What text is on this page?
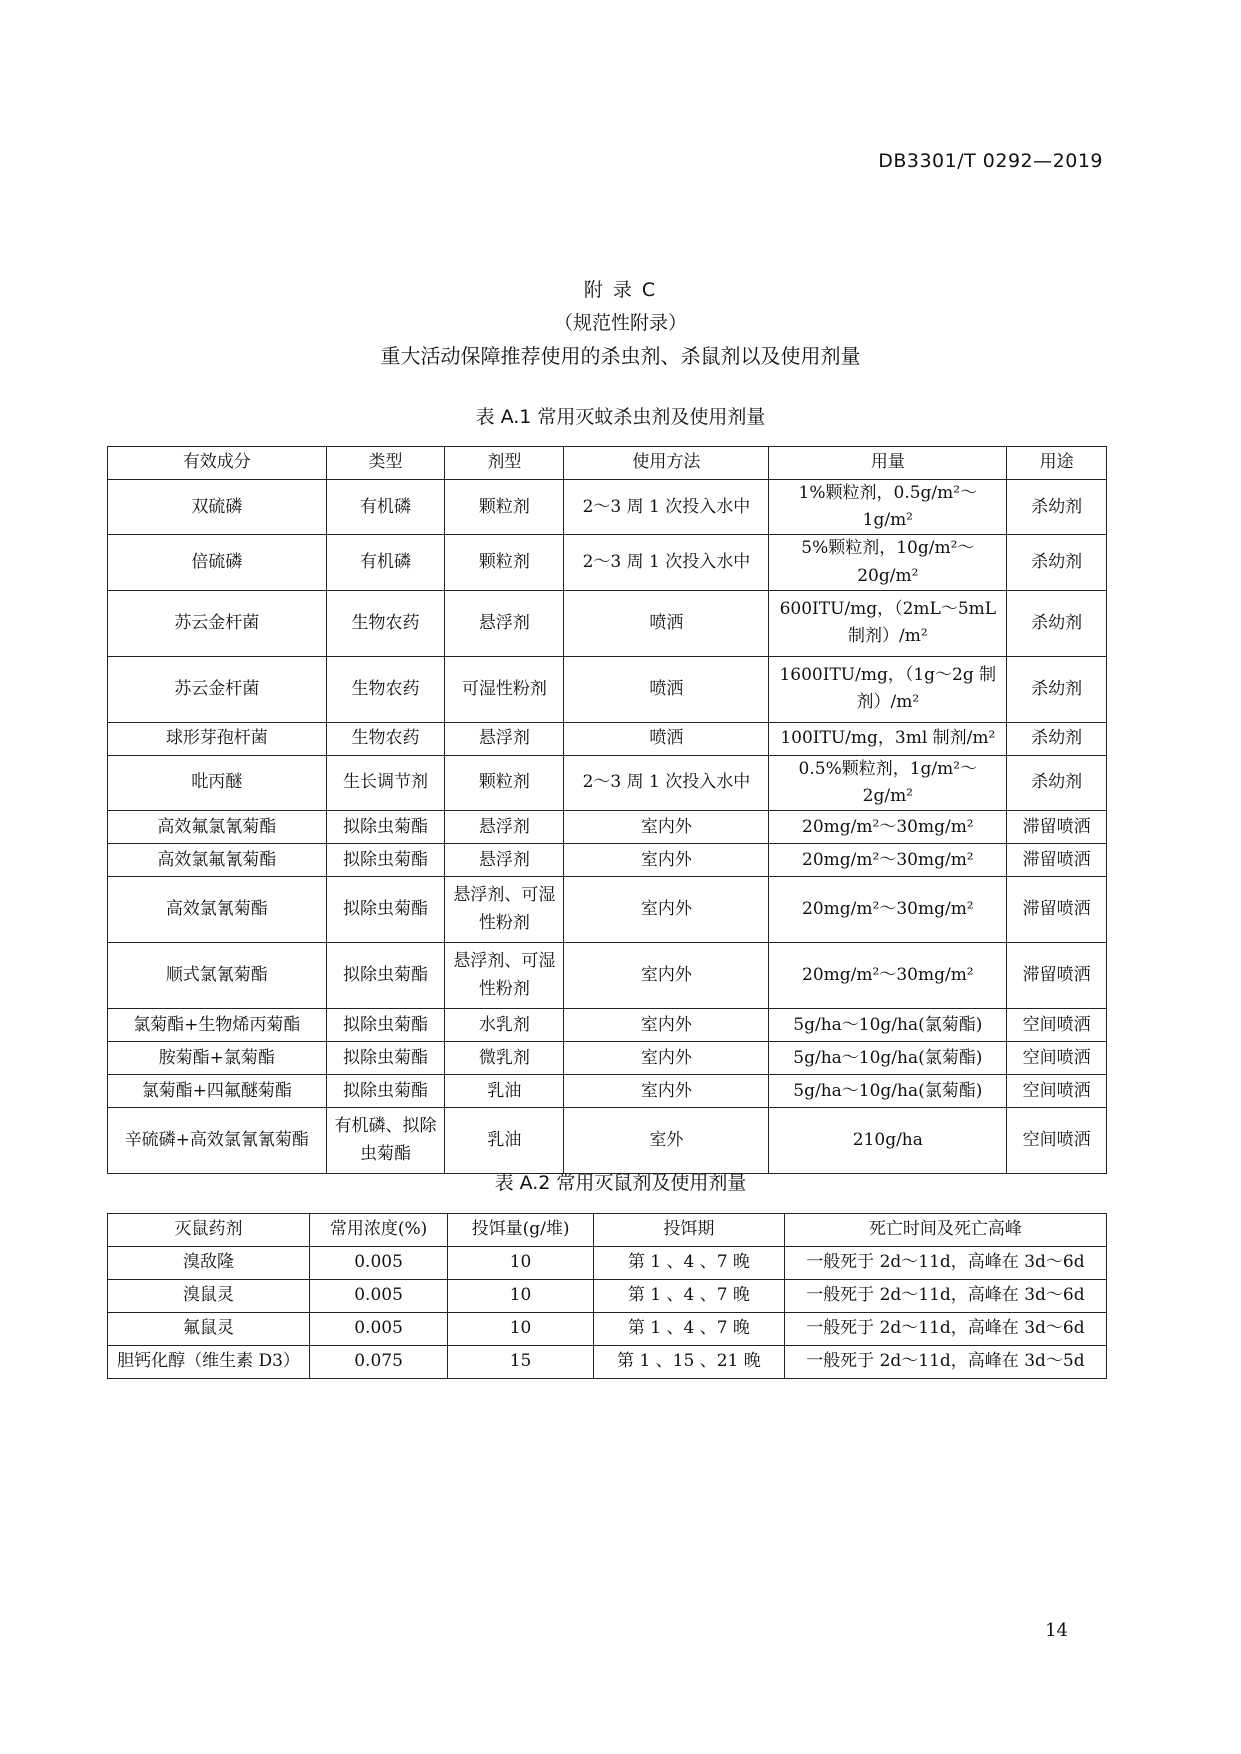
DB3301/T 0292—2019
附 录 C
（规范性附录）
重大活动保障推荐使用的杀虫剂、杀鼠剂以及使用剂量
表 A.1 常用灭蚊杀虫剂及使用剂量
有效成分	类型	剂型	使用方法	用量	用途
双硫磷	有机磷	颗粒剂	2～3 周 1 次投入水中	1%颗粒剂，0.5g/m²～1g/m²	杀幼剂
倍硫磷	有机磷	颗粒剂	2～3 周 1 次投入水中	5%颗粒剂，10g/m²～20g/m²	杀幼剂
苏云金杆菌	生物农药	悬浮剂	喷洒	600ITU/mg，（2mL～5mL 制剂）/m²	杀幼剂
苏云金杆菌	生物农药	可湿性粉剂	喷洒	1600ITU/mg，（1g～2g 制剂）/m²	杀幼剂
球形芽孢杆菌	生物农药	悬浮剂	喷洒	100ITU/mg，3ml 制剂/m²	杀幼剂
吡丙醚	生长调节剂	颗粒剂	2～3 周 1 次投入水中	0.5%颗粒剂，1g/m²～2g/m²	杀幼剂
高效氟氯氰菊酯	拟除虫菊酯	悬浮剂	室内外	20mg/m²～30mg/m²	滞留喷洒
高效氯氟氰菊酯	拟除虫菊酯	悬浮剂	室内外	20mg/m²～30mg/m²	滞留喷洒
高效氯氰菊酯	拟除虫菊酯	悬浮剂、可湿性粉剂	室内外	20mg/m²～30mg/m²	滞留喷洒
顺式氯氰菊酯	拟除虫菊酯	悬浮剂、可湿性粉剂	室内外	20mg/m²～30mg/m²	滞留喷洒
氯菊酯+生物烯丙菊酯	拟除虫菊酯	水乳剂	室内外	5g/ha～10g/ha(氯菊酯)	空间喷洒
胺菊酯+氯菊酯	拟除虫菊酯	微乳剂	室内外	5g/ha～10g/ha(氯菊酯)	空间喷洒
氯菊酯+四氟醚菊酯	拟除虫菊酯	乳油	室内外	5g/ha～10g/ha(氯菊酯)	空间喷洒
辛硫磷+高效氯氰氰菊酯	有机磷、拟除虫菊酯	乳油	室外	210g/ha	空间喷洒
表 A.2 常用灭鼠剂及使用剂量
灭鼠药剂	常用浓度(%)	投饵量(g/堆)	投饵期	死亡时间及死亡高峰
溴敌隆	0.005	10	第 1 、4 、7 晚	一般死于 2d～11d，高峰在 3d～6d
溴鼠灵	0.005	10	第 1 、4 、7 晚	一般死于 2d～11d，高峰在 3d～6d
氟鼠灵	0.005	10	第 1 、4 、7 晚	一般死于 2d～11d，高峰在 3d～6d
胆钙化醇（维生素 D3）	0.075	15	第 1 、15 、21 晚	一般死于 2d～11d，高峰在 3d～5d
14
